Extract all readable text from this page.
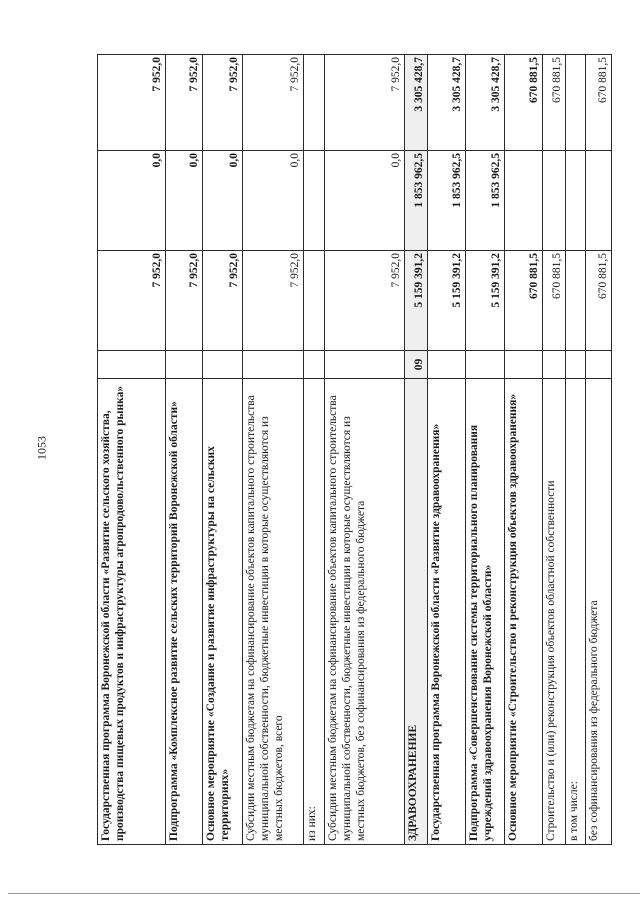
1053	Государственная программа Воронежской области «Развитие сельского хозяйства, производства пищевых продуктов и инфраструктуры агропродовольственного рынка»		7 952,0	0,0	7 952,0
Подпрограмма «Комплексное развитие сельских территорий Воронежской области»		7 952,0	0,0	7 952,0
Основное мероприятие «Создание и развитие инфраструктуры на сельских территориях»		7 952,0	0,0	7 952,0
Субсидии местным бюджетам на софинансирование объектов капитального строительства муниципальной собственности, бюджетные инвестиции в которые осуществляются из местных бюджетов, всего		7 952,0	0,0	7 952,0
из них:				
Субсидии местным бюджетам на софинансирование объектов капитального строительства муниципальной собственности, бюджетные инвестиции в которые осуществляются из местных бюджетов, без софинансирования из федерального бюджета		7 952,0	0,0	7 952,0
ЗДРАВООХРАНЕНИЕ	09	5 159 391,2	1 853 962,5	3 305 428,7
Государственная программа Воронежской области «Развитие здравоохранения»		5 159 391,2	1 853 962,5	3 305 428,7
Подпрограмма «Совершенствование системы территориального планирования учреждений здравоохранения Воронежской области»		5 159 391,2	1 853 962,5	3 305 428,7
Основное мероприятие «Строительство и реконструкция объектов здравоохранения»		670 881,5		670 881,5
Строительство и (или) реконструкция объектов областной собственности		670 881,5		670 881,5
в том числе:				
без софинансирования из федерального бюджета		670 881,5		670 881,5
